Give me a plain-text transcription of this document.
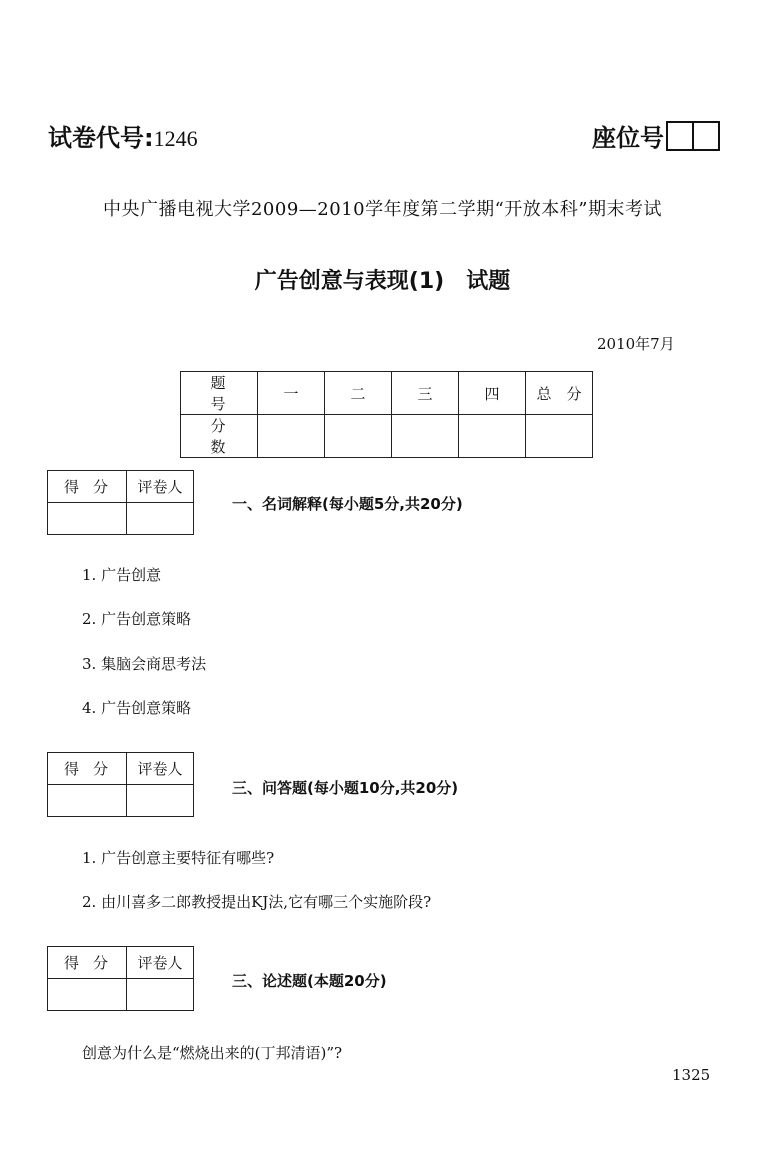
试卷代号:1246	座位号
中央广播电视大学2009—2010学年度第二学期“开放本科”期末考试
广告创意与表现(1)　试题
2010年7月
题　号	一	二	三	四	总　分
分　数					
得分	评卷人

一、名词解释(每小题5分,共20分)
1. 广告创意
2. 广告创意策略
3. 集脑会商思考法
4. 广告创意策略
得分	评卷人

三、问答题(每小题10分,共20分)
1. 广告创意主要特征有哪些?
2. 由川喜多二郎教授提出KJ法,它有哪三个实施阶段?
得分	评卷人

三、论述题(本题20分)
创意为什么是“燃烧出来的(丁邦清语)”?
1325
